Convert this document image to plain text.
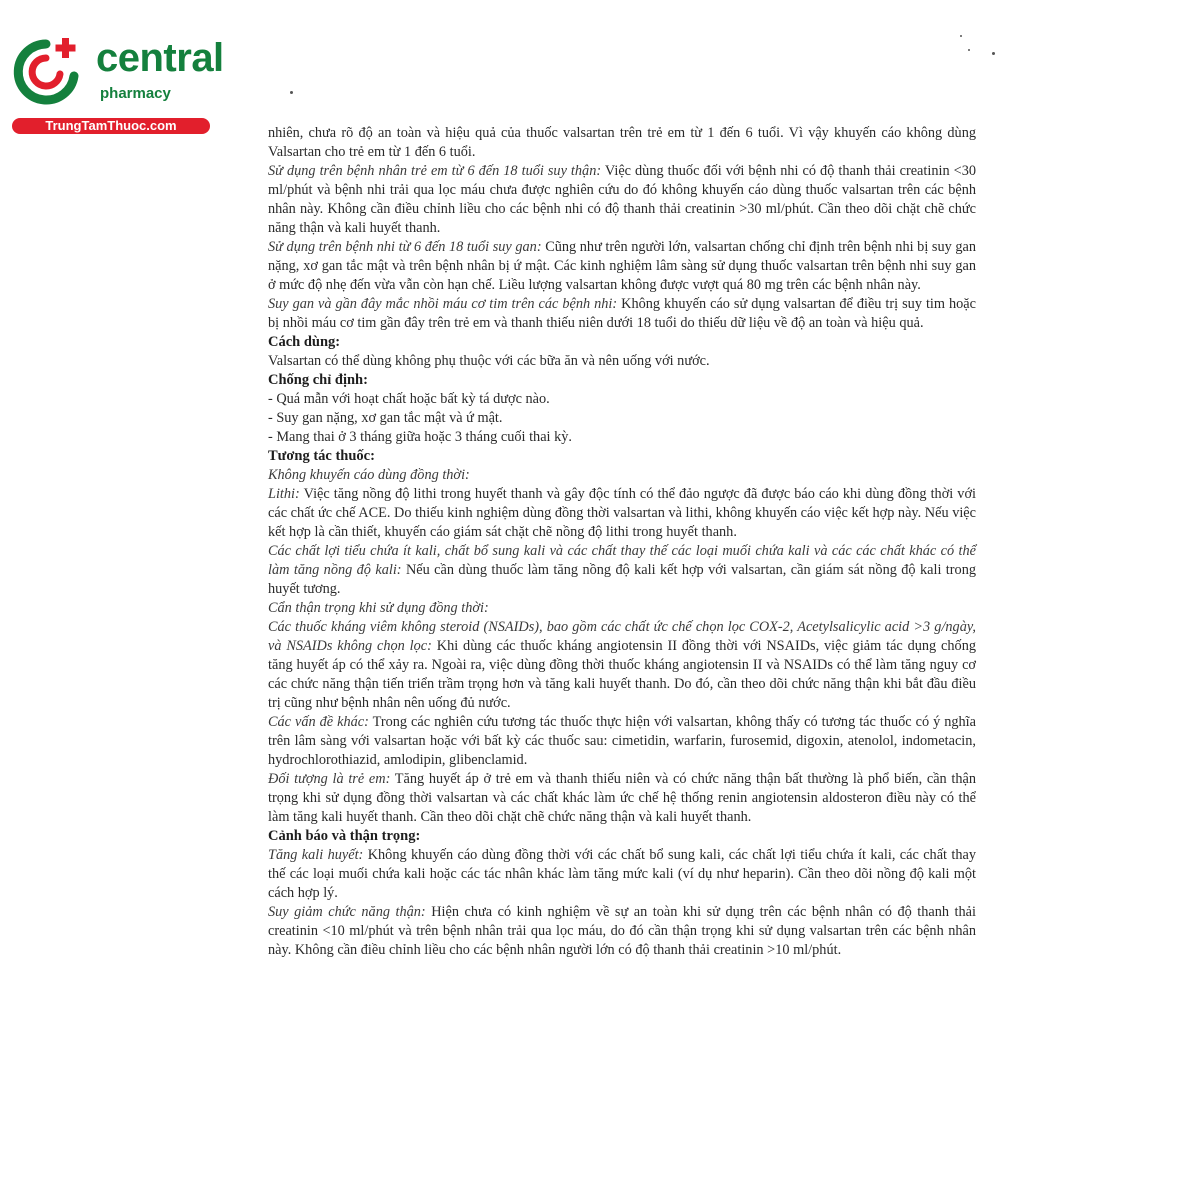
central
pharmacy
TrungTamThuoc.com	nhiên, chưa rõ độ an toàn và hiệu quả của thuốc valsartan trên trẻ em từ 1 đến 6 tuổi. Vì vậy khuyến cáo không dùng Valsartan cho trẻ em từ 1 đến 6 tuổi.

Sử dụng trên bệnh nhân trẻ em từ 6 đến 18 tuổi suy thận: Việc dùng thuốc đối với bệnh nhi có độ thanh thải creatinin <30 ml/phút và bệnh nhi trải qua lọc máu chưa được nghiên cứu do đó không khuyến cáo dùng thuốc valsartan trên các bệnh nhân này. Không cần điều chỉnh liều cho các bệnh nhi có độ thanh thải creatinin >30 ml/phút. Cần theo dõi chặt chẽ chức năng thận và kali huyết thanh.

Sử dụng trên bệnh nhi từ 6 đến 18 tuổi suy gan: Cũng như trên người lớn, valsartan chống chỉ định trên bệnh nhi bị suy gan nặng, xơ gan tắc mật và trên bệnh nhân bị ứ mật. Các kinh nghiệm lâm sàng sử dụng thuốc valsartan trên bệnh nhi suy gan ở mức độ nhẹ đến vừa vẫn còn hạn chế. Liều lượng valsartan không được vượt quá 80 mg trên các bệnh nhân này.

Suy gan và gần đây mắc nhồi máu cơ tim trên các bệnh nhi: Không khuyến cáo sử dụng valsartan để điều trị suy tim hoặc bị nhồi máu cơ tim gần đây trên trẻ em và thanh thiếu niên dưới 18 tuổi do thiếu dữ liệu về độ an toàn và hiệu quả.

Cách dùng:

Valsartan có thể dùng không phụ thuộc với các bữa ăn và nên uống với nước.

Chống chỉ định:

- Quá mẫn với hoạt chất hoặc bất kỳ tá dược nào.

- Suy gan nặng, xơ gan tắc mật và ứ mật.

- Mang thai ở 3 tháng giữa hoặc 3 tháng cuối thai kỳ.

Tương tác thuốc:

Không khuyến cáo dùng đồng thời:

Lithi: Việc tăng nồng độ lithi trong huyết thanh và gây độc tính có thể đảo ngược đã được báo cáo khi dùng đồng thời với các chất ức chế ACE. Do thiếu kinh nghiệm dùng đồng thời valsartan và lithi, không khuyến cáo việc kết hợp này. Nếu việc kết hợp là cần thiết, khuyến cáo giám sát chặt chẽ nồng độ lithi trong huyết thanh.

Các chất lợi tiểu chứa ít kali, chất bổ sung kali và các chất thay thế các loại muối chứa kali và các các chất khác có thể làm tăng nồng độ kali: Nếu cần dùng thuốc làm tăng nồng độ kali kết hợp với valsartan, cần giám sát nồng độ kali trong huyết tương.

Cẩn thận trọng khi sử dụng đồng thời:

Các thuốc kháng viêm không steroid (NSAIDs), bao gồm các chất ức chế chọn lọc COX-2, Acetylsalicylic acid >3 g/ngày, và NSAIDs không chọn lọc: Khi dùng các thuốc kháng angiotensin II đồng thời với NSAIDs, việc giảm tác dụng chống tăng huyết áp có thể xảy ra. Ngoài ra, việc dùng đồng thời thuốc kháng angiotensin II và NSAIDs có thể làm tăng nguy cơ các chức năng thận tiến triển trầm trọng hơn và tăng kali huyết thanh. Do đó, cần theo dõi chức năng thận khi bắt đầu điều trị cũng như bệnh nhân nên uống đủ nước.

Các vấn đề khác: Trong các nghiên cứu tương tác thuốc thực hiện với valsartan, không thấy có tương tác thuốc có ý nghĩa trên lâm sàng với valsartan hoặc với bất kỳ các thuốc sau: cimetidin, warfarin, furosemid, digoxin, atenolol, indometacin, hydrochlorothiazid, amlodipin, glibenclamid.

Đối tượng là trẻ em: Tăng huyết áp ở trẻ em và thanh thiếu niên và có chức năng thận bất thường là phổ biến, cần thận trọng khi sử dụng đồng thời valsartan và các chất khác làm ức chế hệ thống renin angiotensin aldosteron điều này có thể làm tăng kali huyết thanh. Cần theo dõi chặt chẽ chức năng thận và kali huyết thanh.

Cảnh báo và thận trọng:

Tăng kali huyết: Không khuyến cáo dùng đồng thời với các chất bổ sung kali, các chất lợi tiểu chứa ít kali, các chất thay thế các loại muối chứa kali hoặc các tác nhân khác làm tăng mức kali (ví dụ như heparin). Cần theo dõi nồng độ kali một cách hợp lý.

Suy giảm chức năng thận: Hiện chưa có kinh nghiệm về sự an toàn khi sử dụng trên các bệnh nhân có độ thanh thải creatinin <10 ml/phút và trên bệnh nhân trải qua lọc máu, do đó cần thận trọng khi sử dụng valsartan trên các bệnh nhân này. Không cần điều chỉnh liều cho các bệnh nhân người lớn có độ thanh thải creatinin >10 ml/phút.
